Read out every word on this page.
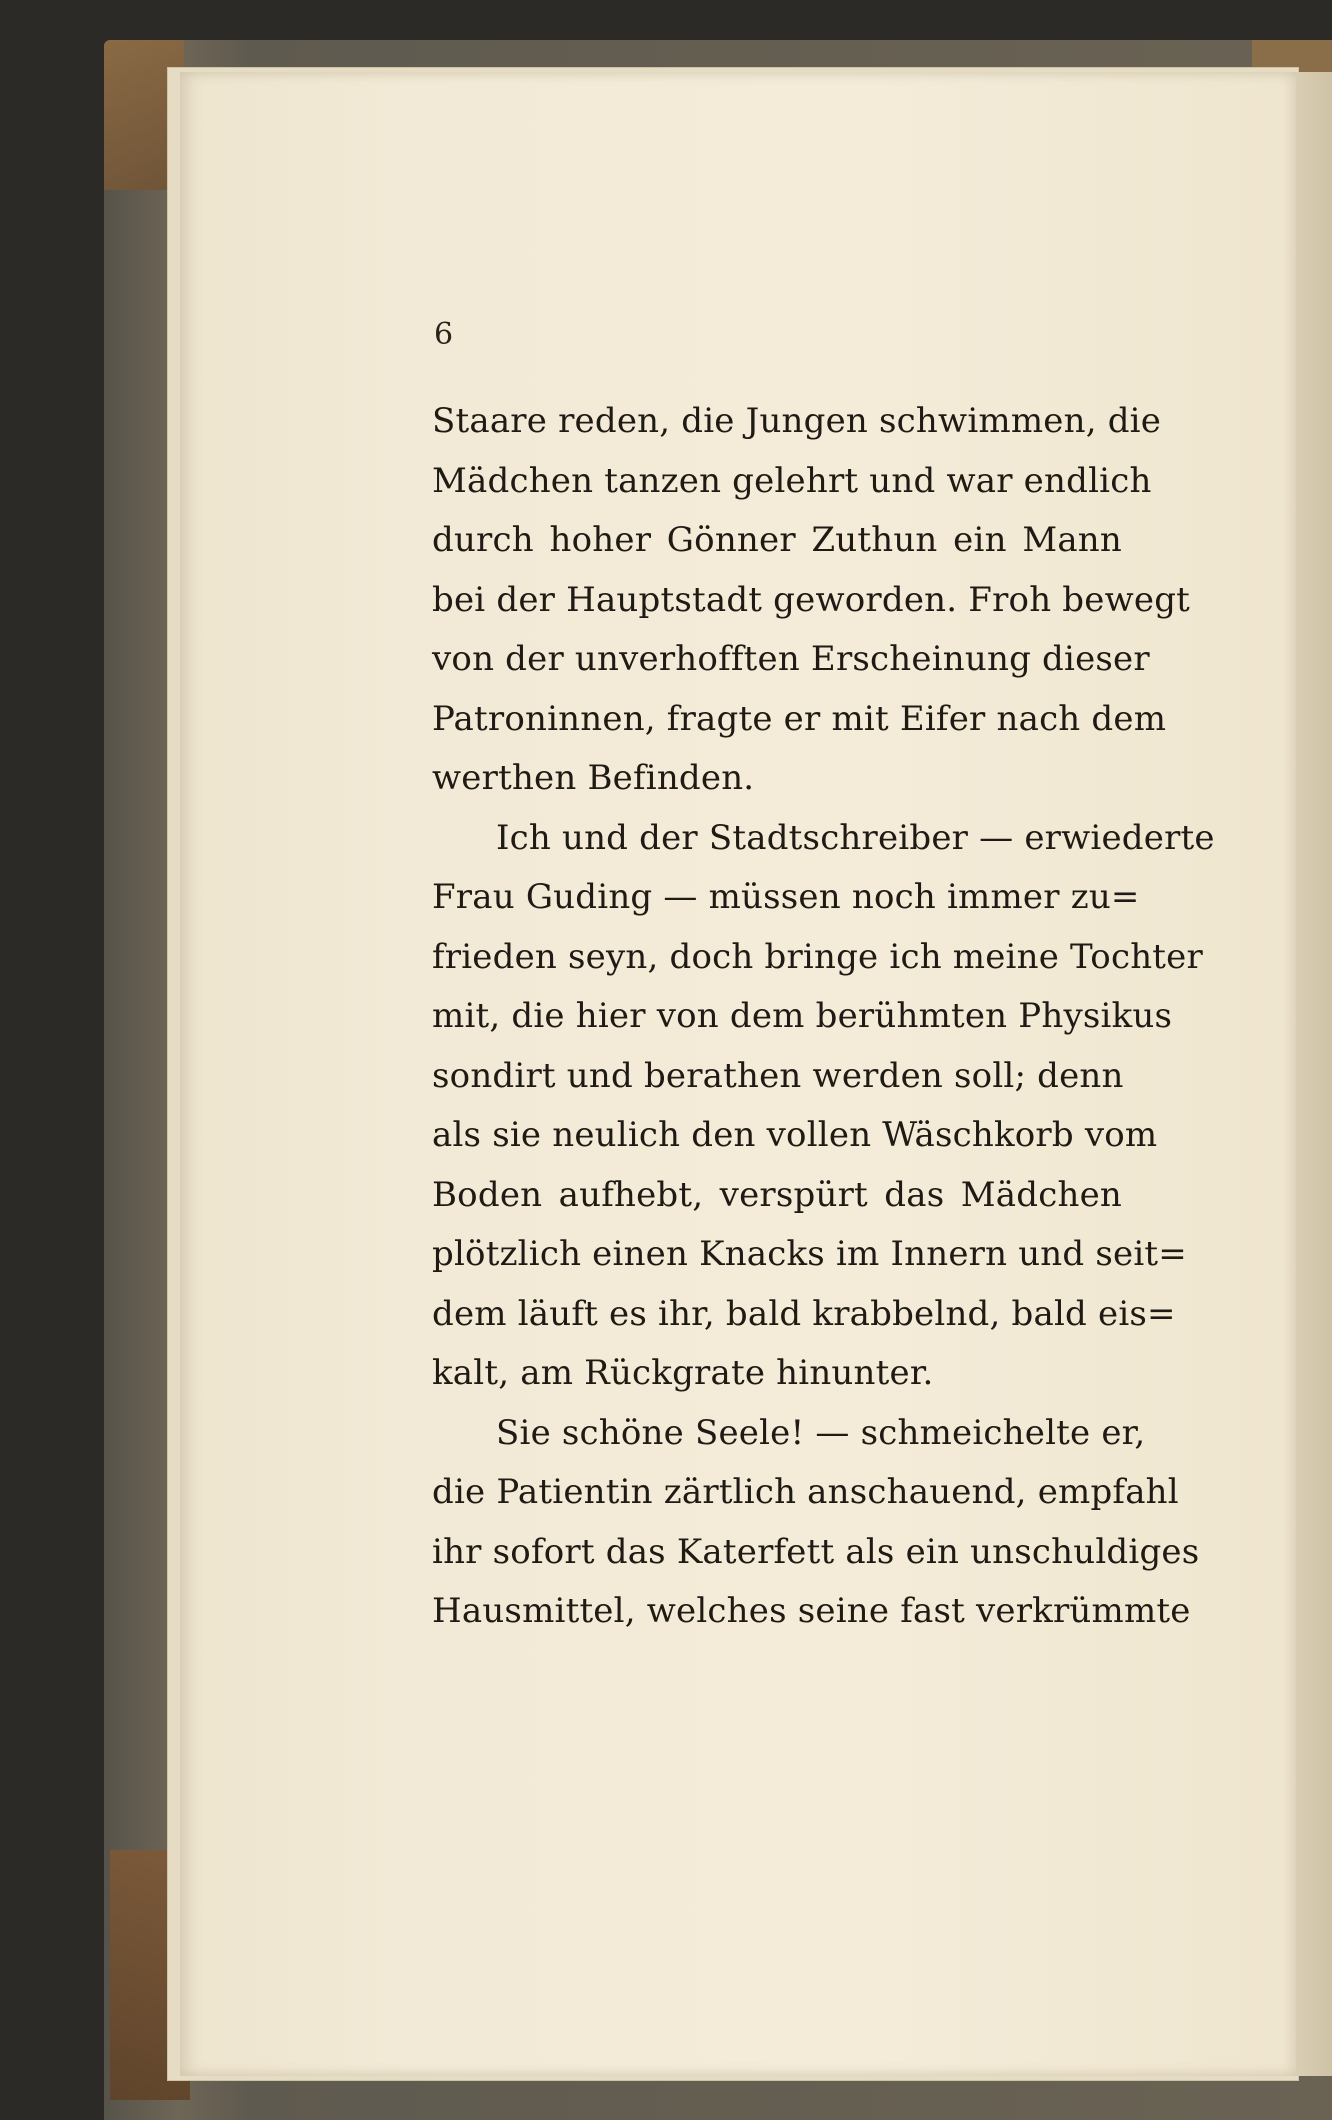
6
Staare reden, die Jungen schwimmen, die
Mädchen tanzen gelehrt und war endlich
durch hoher Gönner Zuthun ein Mann
bei der Hauptstadt geworden. Froh bewegt
von der unverhofften Erscheinung dieser
Patroninnen, fragte er mit Eifer nach dem
werthen Befinden.
Ich und der Stadtschreiber — erwiederte
Frau Guding — müssen noch immer zu=
frieden seyn, doch bringe ich meine Tochter
mit, die hier von dem berühmten Physikus
sondirt und berathen werden soll; denn
als sie neulich den vollen Wäschkorb vom
Boden aufhebt, verspürt das Mädchen
plötzlich einen Knacks im Innern und seit=
dem läuft es ihr, bald krabbelnd, bald eis=
kalt, am Rückgrate hinunter.
Sie schöne Seele! — schmeichelte er,
die Patientin zärtlich anschauend, empfahl
ihr sofort das Katerfett als ein unschuldiges
Hausmittel, welches seine fast verkrümmte
